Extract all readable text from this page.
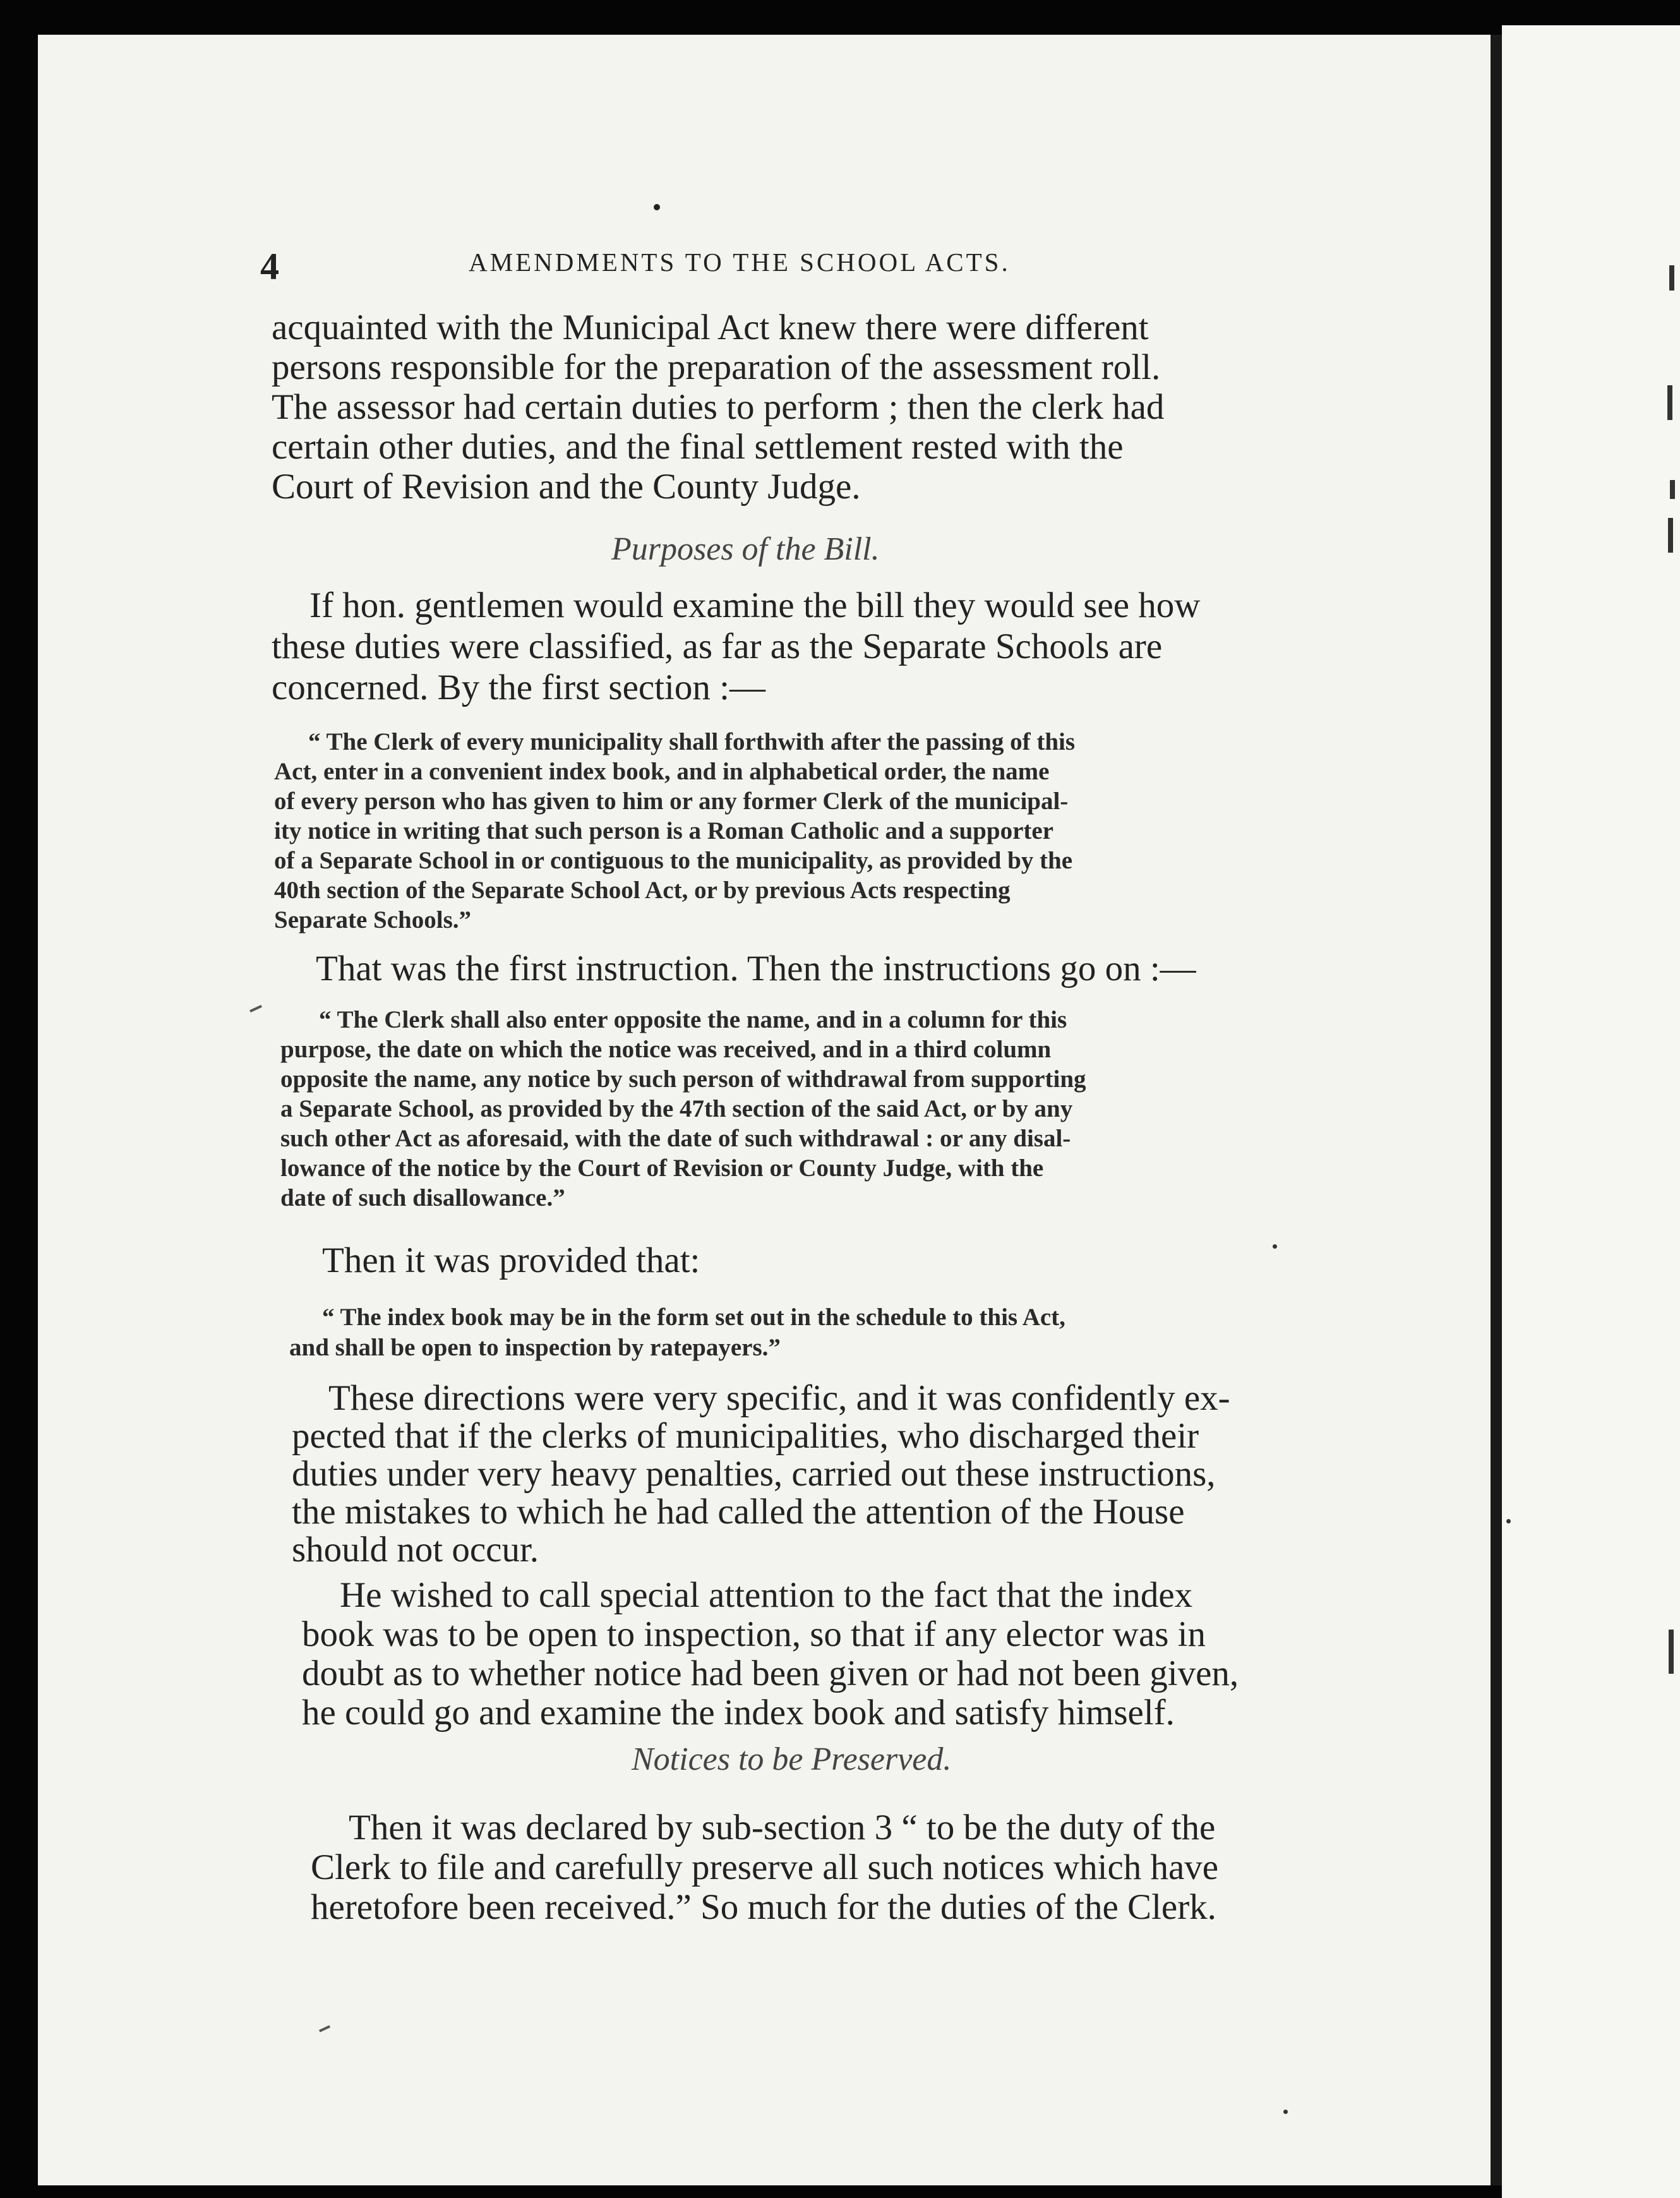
4	AMENDMENTS TO THE SCHOOL ACTS.
acquainted with the Municipal Act knew there were different
persons responsible for the preparation of the assessment roll.
The assessor had certain duties to perform ; then the clerk had
certain other duties, and the final settlement rested with the
Court of Revision and the County Judge.
Purposes of the Bill.
If hon. gentlemen would examine the bill they would see how
these duties were classified, as far as the Separate Schools are
concerned. By the first section :—
“ The Clerk of every municipality shall forthwith after the passing of this
Act, enter in a convenient index book, and in alphabetical order, the name
of every person who has given to him or any former Clerk of the municipal-
ity notice in writing that such person is a Roman Catholic and a supporter
of a Separate School in or contiguous to the municipality, as provided by the
40th section of the Separate School Act, or by previous Acts respecting
Separate Schools.”
That was the first instruction. Then the instructions go on :—
“ The Clerk shall also enter opposite the name, and in a column for this
purpose, the date on which the notice was received, and in a third column
opposite the name, any notice by such person of withdrawal from supporting
a Separate School, as provided by the 47th section of the said Act, or by any
such other Act as aforesaid, with the date of such withdrawal : or any disal-
lowance of the notice by the Court of Revision or County Judge, with the
date of such disallowance.”
Then it was provided that:
“ The index book may be in the form set out in the schedule to this Act,
and shall be open to inspection by ratepayers.”
These directions were very specific, and it was confidently ex-
pected that if the clerks of municipalities, who discharged their
duties under very heavy penalties, carried out these instructions,
the mistakes to which he had called the attention of the House
should not occur.
He wished to call special attention to the fact that the index
book was to be open to inspection, so that if any elector was in
doubt as to whether notice had been given or had not been given,
he could go and examine the index book and satisfy himself.
Notices to be Preserved.
Then it was declared by sub-section 3 “ to be the duty of the
Clerk to file and carefully preserve all such notices which have
heretofore been received.” So much for the duties of the Clerk.
